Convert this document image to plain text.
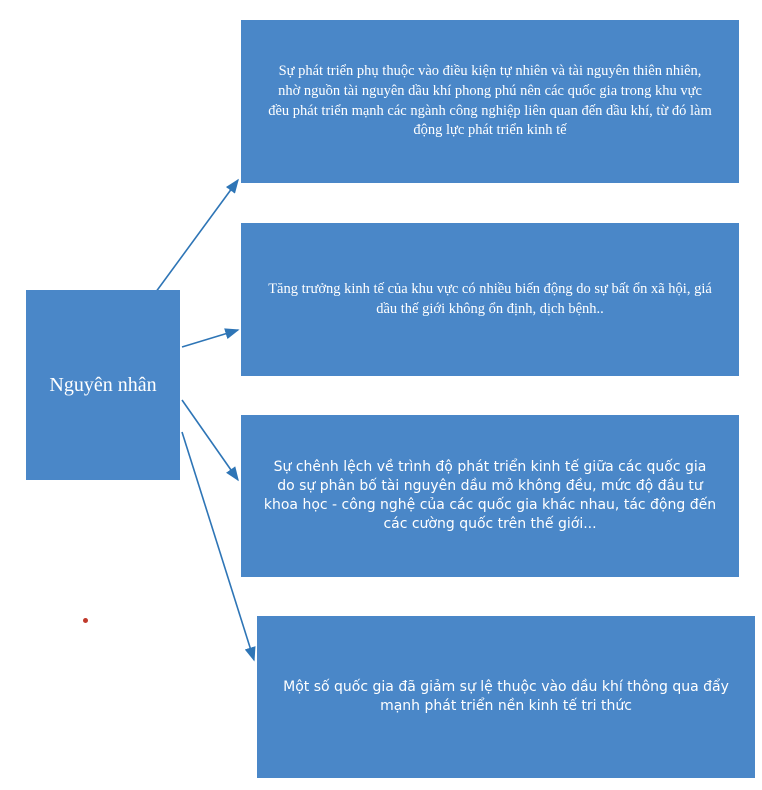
Nguyên nhân
Sự phát triển phụ thuộc vào điều kiện tự nhiên và tài nguyên thiên nhiên, nhờ nguồn tài nguyên dầu khí phong phú nên các quốc gia trong khu vực đều phát triển mạnh các ngành công nghiệp liên quan đến dầu khí, từ đó làm động lực phát triển kinh tế
Tăng trưởng kinh tế của khu vực có nhiều biến động do sự bất ổn xã hội, giá dầu thế giới không ổn định, dịch bệnh..
Sự chênh lệch về trình độ phát triển kinh tế giữa các quốc gia do sự phân bố tài nguyên dầu mỏ không đều, mức độ đầu tư khoa học - công nghệ của các quốc gia khác nhau, tác động đến các cường quốc trên thế giới...
Một số quốc gia đã giảm sự lệ thuộc vào dầu khí thông qua đẩy mạnh phát triển nền kinh tế tri thức
